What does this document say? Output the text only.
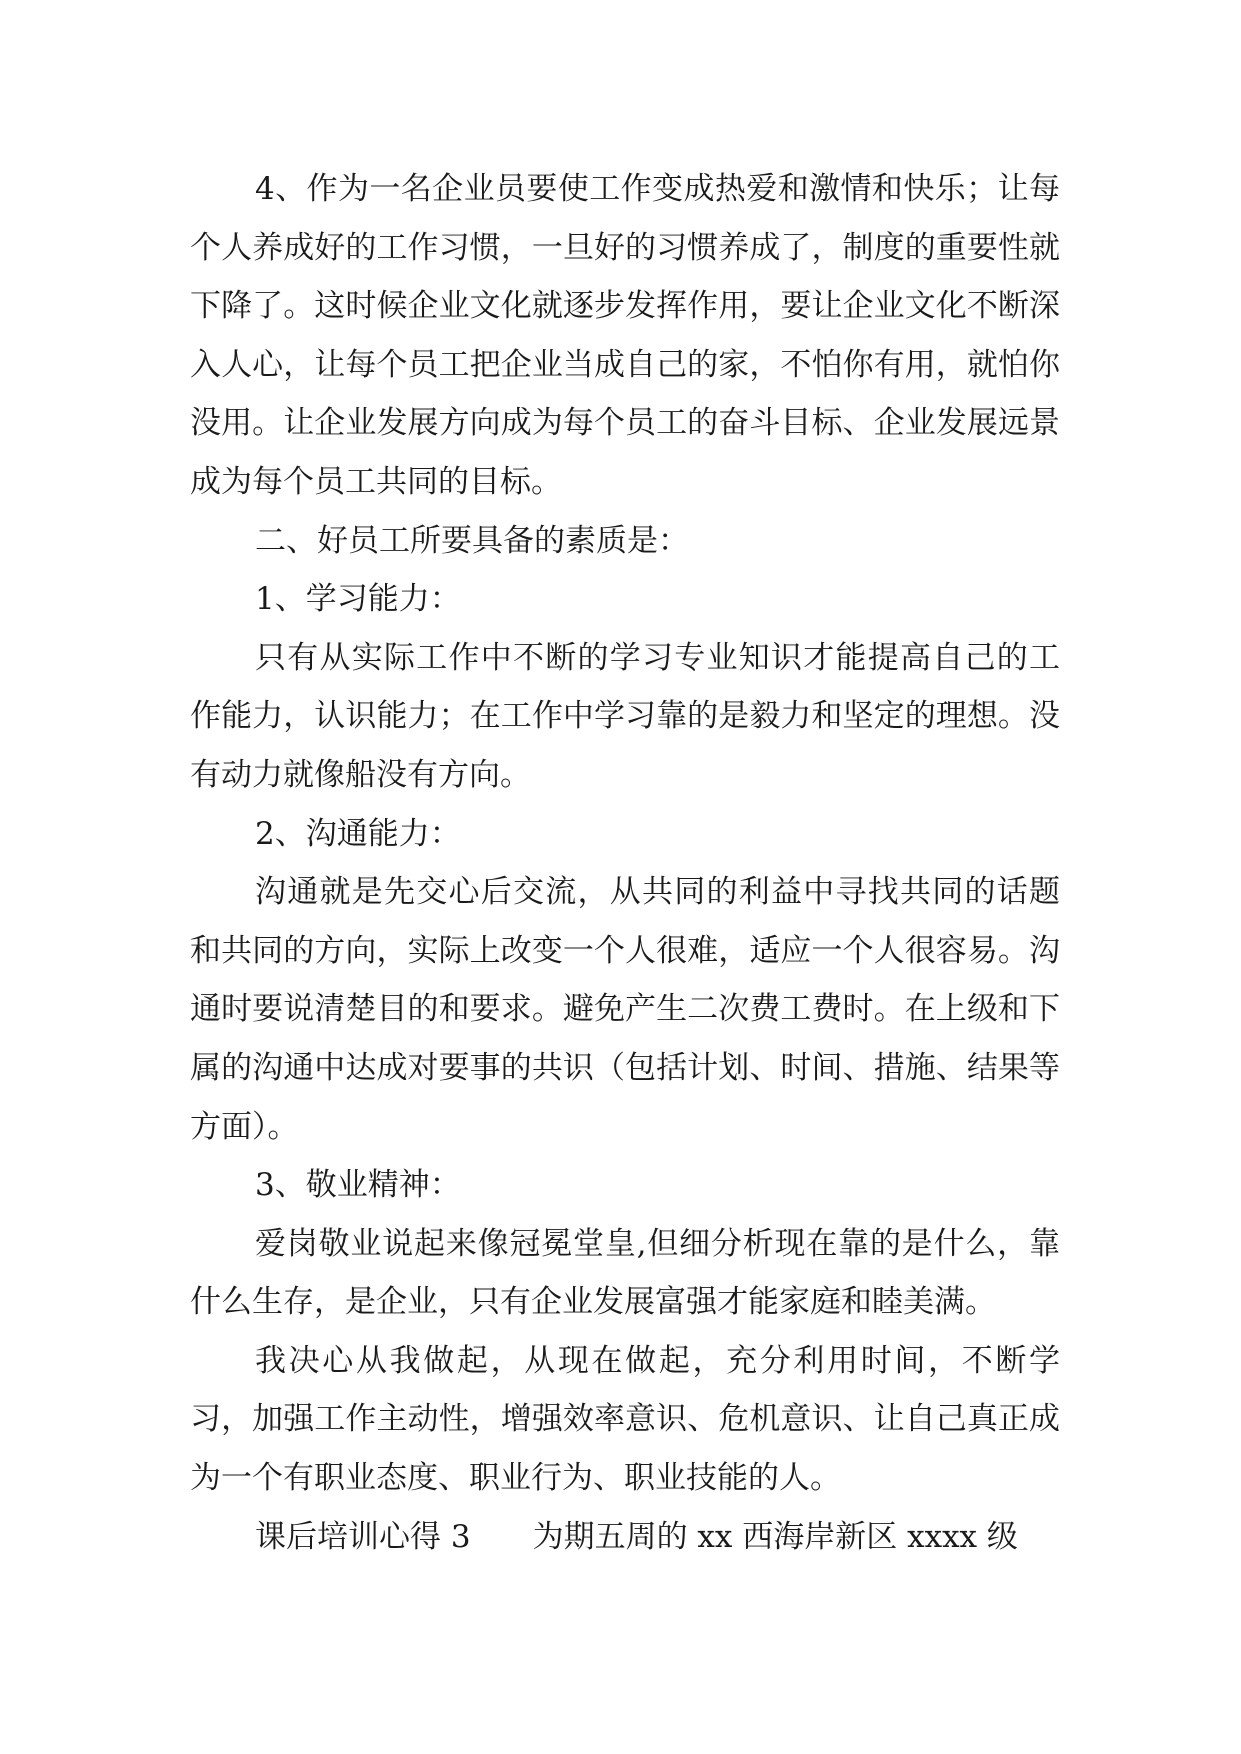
4、作为一名企业员要使工作变成热爱和激情和快乐；让每个人养成好的工作习惯，一旦好的习惯养成了，制度的重要性就下降了。这时候企业文化就逐步发挥作用，要让企业文化不断深入人心，让每个员工把企业当成自己的家，不怕你有用，就怕你没用。让企业发展方向成为每个员工的奋斗目标、企业发展远景成为每个员工共同的目标。

二、好员工所要具备的素质是：

1、学习能力：

只有从实际工作中不断的学习专业知识才能提高自己的工作能力，认识能力；在工作中学习靠的是毅力和坚定的理想。没有动力就像船没有方向。

2、沟通能力：

沟通就是先交心后交流，从共同的利益中寻找共同的话题和共同的方向，实际上改变一个人很难，适应一个人很容易。沟通时要说清楚目的和要求。避免产生二次费工费时。在上级和下属的沟通中达成对要事的共识（包括计划、时间、措施、结果等方面）。

3、敬业精神：

爱岗敬业说起来像冠冕堂皇,但细分析现在靠的是什么，靠什么生存，是企业，只有企业发展富强才能家庭和睦美满。

我决心从我做起，从现在做起，充分利用时间，不断学习，加强工作主动性，增强效率意识、危机意识、让自己真正成为一个有职业态度、职业行为、职业技能的人。

课后培训心得 3　　为期五周的 xx 西海岸新区 xxxx 级
